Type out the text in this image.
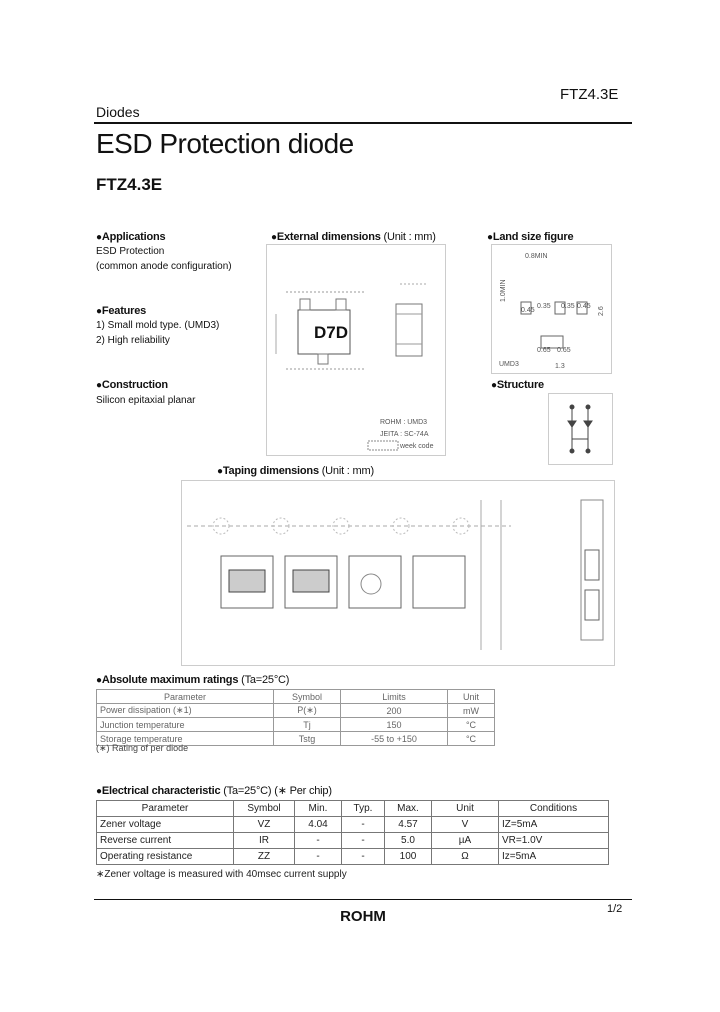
FTZ4.3E
Diodes
ESD Protection diode
FTZ4.3E
●Applications
ESD Protection
(common anode configuration)
●Features
1) Small mold type. (UMD3)
2) High reliability
●Construction
Silicon epitaxial planar
●External dimensions (Unit : mm)
D7D
ROHM : UMD3
JEITA : SC-74A
week code
●Land size figure
0.8MIN
1.0MIN
0.45
0.35 0.35 0.45
0.65 0.65
1.3
2.6
UMD3
●Structure
●Taping dimensions (Unit : mm)
●Absolute maximum ratings (Ta=25°C)
Parameter	Symbol	Limits	Unit
Power dissipation (∗1)	P(∗)	200	mW
Junction temperature	Tj	150	°C
Storage temperature	Tstg	-55 to +150	°C
(∗) Rating of per diode
●Electrical characteristic (Ta=25°C) (∗ Per chip)
Parameter	Symbol	Min.	Typ.	Max.	Unit	Conditions
Zener voltage	VZ	4.04	-	4.57	V	IZ=5mA
Reverse current	IR	-	-	5.0	µA	VR=1.0V
Operating resistance	ZZ	-	-	100	Ω	Iz=5mA
∗Zener voltage is measured with 40msec current supply
1/2
ROHM
